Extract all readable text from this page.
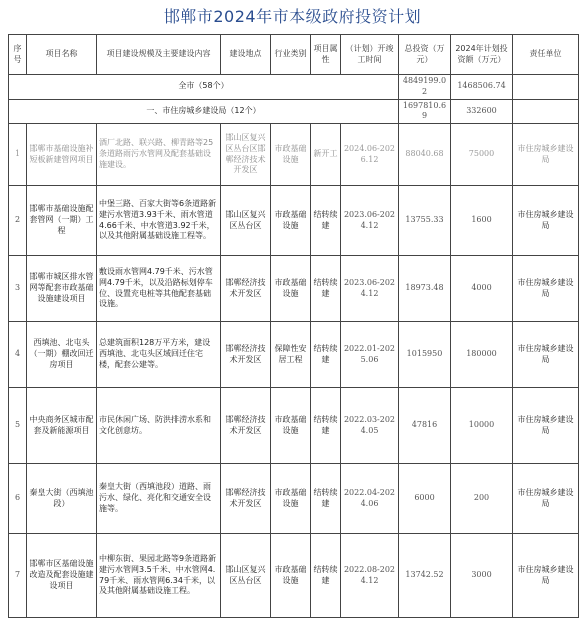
邯郸市2024年市本级政府投资计划
序号	项目名称	项目建设规模及主要建设内容	建设地点	行业类别	项目属性	（计划）开竣工时间	总投资（万元）	2024年计划投资额（万元）	责任单位
全市（58个）							4849199.02	1468506.74	
一、市住房城乡建设局（12个）							1697810.69	332600	
1	邯郸市基础设施补短板新建管网项目	酒厂北路、联兴路、柳青路等25条道路雨污水管网及配套基础设施建设。	邯山区复兴区丛台区邯郸经济技术开发区	市政基础设施	新开工	2024.06-2026.12	88040.68	75000	市住房城乡建设局
2	邯郸市基础设施配套管网（一期）工程	中堡三路、百家大街等6条道路新建污水管道3.93千米、雨水管道4.66千米、中水管道3.92千米，以及其他附属基础设施工程等。	邯山区复兴区丛台区	市政基础设施	结转续建	2023.06-2024.12	13755.33	1600	市住房城乡建设局
3	邯郸市城区排水管网等配套市政基础设施建设项目	敷设雨水管网4.79千米、污水管网4.79千米，以及沿路标划停车位、设置充电桩等其他配套基础设施。	邯郸经济技术开发区	市政基础设施	结转续建	2023.06-2024.12	18973.48	4000	市住房城乡建设局
4	西填池、北屯头（一期）棚改回迁房项目	总建筑面积128万平方米，建设西填池、北屯头区域回迁住宅楼，配套公建等。	邯郸经济技术开发区	保障性安居工程	结转续建	2022.01-2025.06	1015950	180000	市住房城乡建设局
5	中央商务区城市配套及新能源项目	市民休闲广场、防洪排涝水系和文化创意坊。	邯郸经济技术开发区	市政基础设施	结转续建	2022.03-2024.05	47816	10000	市住房城乡建设局
6	秦皇大街（西填池段）	秦皇大街（西填池段）道路、雨污水、绿化、亮化和交通安全设施等。	邯郸经济技术开发区	市政基础设施	结转续建	2022.04-2024.06	6000	200	市住房城乡建设局
7	邯郸市区基础设施改造及配套设施建设项目	中柳东街、果园北路等9条道路新建污水管网3.5千米、中水管网4.79千米、雨水管网6.34千米，以及其他附属基础设施工程。	邯山区复兴区丛台区	市政基础设施	结转续建	2022.08-2024.12	13742.52	3000	市住房城乡建设局
